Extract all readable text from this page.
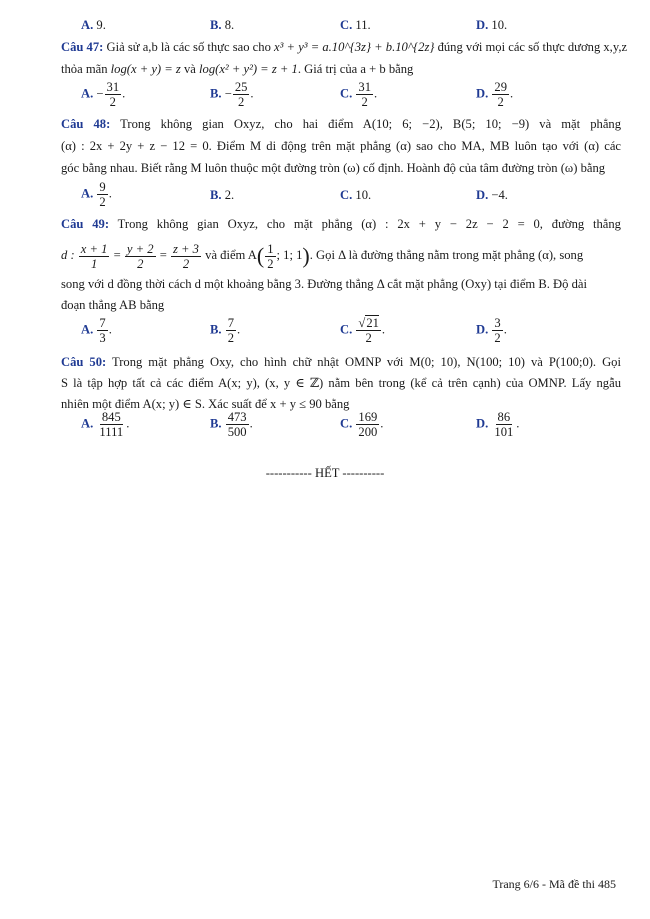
A. 9.	B. 8.	C. 11.	D. 10.
Câu 47: Giả sử a,b là các số thực sao cho x³ + y³ = a.10^{3z} + b.10^{2z} đúng với mọi các số thực dương x,y,z
thỏa mãn log(x + y) = z và log(x² + y²) = z + 1. Giá trị của a + b bằng
A. − $\frac{31}{2}$ .	B. − $\frac{25}{2}$ .	C. $\frac{31}{2}$ .	D. $\frac{29}{2}$ .
Câu 48: Trong không gian Oxyz, cho hai điểm A(10; 6; −2), B(5; 10; −9) và mặt phẳng
(α) : 2x + 2y + z − 12 = 0. Điểm M di động trên mặt phẳng (α) sao cho MA, MB luôn tạo với (α) các
góc bằng nhau. Biết rằng M luôn thuộc một đường tròn (ω) cố định. Hoành độ của tâm đường tròn (ω) bằng
A. $\frac{9}{2}$ .	B. 2.	C. 10.	D. −4.
Câu 49: Trong không gian Oxyz, cho mặt phẳng (α) : 2x + y − 2z − 2 = 0, đường thẳng
d : $\frac{x + 1}{1} = \frac{y + 2}{2} = \frac{z + 3}{2}$ và điểm $A( \frac{1}{2}$ ; 1; 1). Gọi Δ là đường thẳng nằm trong mặt phẳng (α), song
song với d đồng thời cách d một khoảng bằng 3. Đường thẳng Δ cắt mặt phẳng (Oxy) tại điểm B. Độ dài
đoạn thẳng AB bằng
A. $\frac{7}{3}$ .	B. $\frac{7}{2}$ .	C. $\frac{√21}{2}$ .	D. $\frac{3}{2}$ .
Câu 50: Trong mặt phẳng Oxy, cho hình chữ nhật OMNP với M(0; 10), N(100; 10) và P(100;0). Gọi
S là tập hợp tất cả các điểm A(x; y), (x, y ∈ ℤ) nằm bên trong (kể cả trên cạnh) của OMNP. Lấy ngẫu
nhiên một điểm A(x; y) ∈ S. Xác suất để x + y ≤ 90 bằng
A. $\frac{845}{1111}$ .	B. $\frac{473}{500}$ .	C. $\frac{169}{200}$ .	D. $\frac{86}{101}$ .
----------- HẾT ----------
Trang 6/6 - Mã đề thi 485
